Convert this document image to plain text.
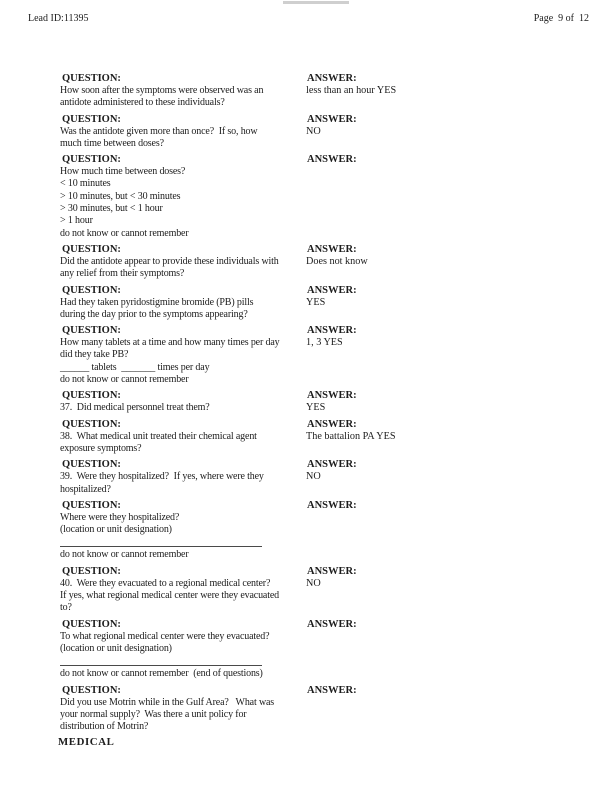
Lead ID:11395	Page  9 of  12
QUESTION:
How soon after the symptoms were observed was an
antidote administered to these individuals?
ANSWER:
less than an hour YES
QUESTION:
Was the antidote given more than once?  If so, how
much time between doses?
ANSWER:
NO
QUESTION:
How much time between doses?
< 10 minutes
> 10 minutes, but < 30 minutes
> 30 minutes, but < 1 hour
> 1 hour
do not know or cannot remember
ANSWER:
QUESTION:
Did the antidote appear to provide these individuals with
any relief from their symptoms?
ANSWER:
Does not know
QUESTION:
Had they taken pyridostigmine bromide (PB) pills
during the day prior to the symptoms appearing?
ANSWER:
YES
QUESTION:
How many tablets at a time and how many times per day
did they take PB?
______ tablets  _______ times per day
do not know or cannot remember
ANSWER:
1, 3 YES
QUESTION:
37.  Did medical personnel treat them?
ANSWER:
YES
QUESTION:
38.  What medical unit treated their chemical agent
exposure symptoms?
ANSWER:
The battalion PA YES
QUESTION:
39.  Were they hospitalized?  If yes, where were they
hospitalized?
ANSWER:
NO
QUESTION:
Where were they hospitalized?
(location or unit designation)
do not know or cannot remember
ANSWER:
QUESTION:
40.  Were they evacuated to a regional medical center?
If yes, what regional medical center were they evacuated
to?
ANSWER:
NO
QUESTION:
To what regional medical center were they evacuated?
(location or unit designation)
do not know or cannot remember  (end of questions)
ANSWER:
QUESTION:
Did you use Motrin while in the Gulf Area?   What was
your normal supply?  Was there a unit policy for
distribution of Motrin?
ANSWER:
MEDICAL
